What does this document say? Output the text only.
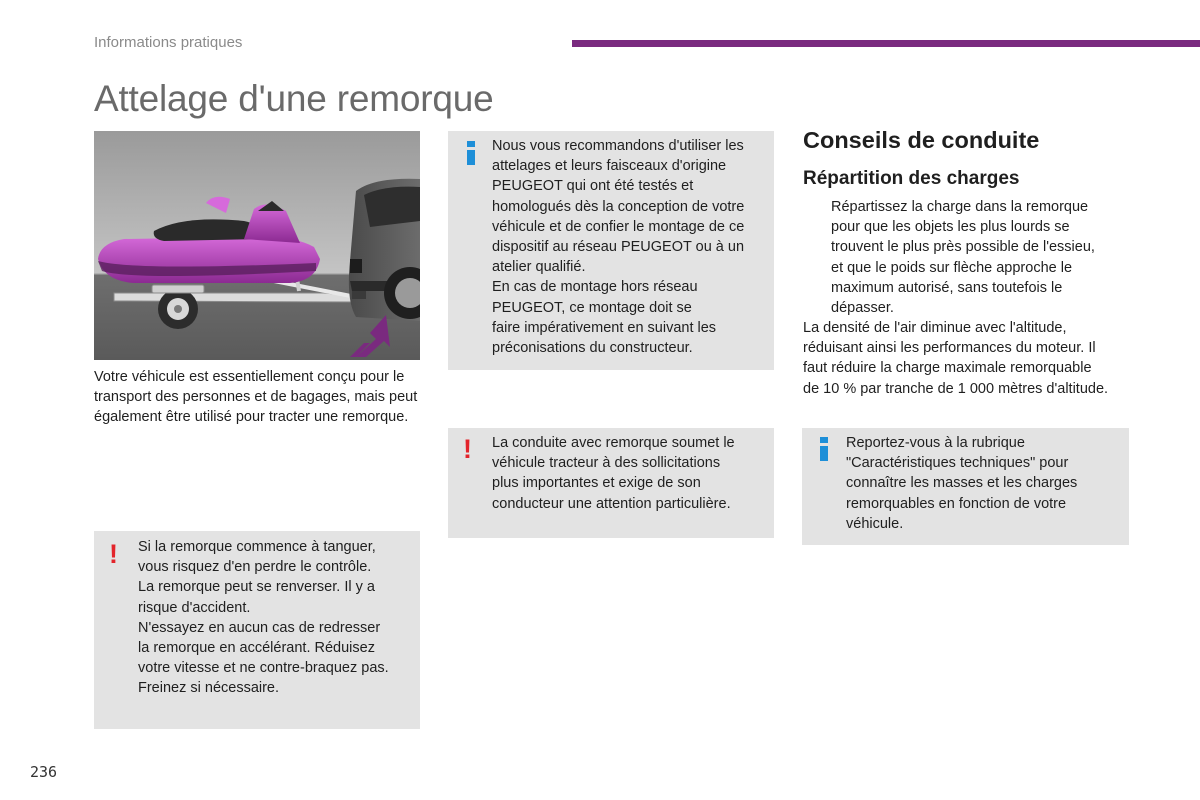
Informations pratiques
Attelage d'une remorque

Votre véhicule est essentiellement conçu pour le transport des personnes et de bagages, mais peut également être utilisé pour tracter une remorque.

! Si la remorque commence à tanguer,
vous risquez d'en perdre le contrôle.
La remorque peut se renverser. Il y a
risque d'accident.
N'essayez en aucun cas de redresser
la remorque en accélérant. Réduisez
votre vitesse et ne contre-braquez pas.
Freinez si nécessaire.
Nous vous recommandons d'utiliser les
attelages et leurs faisceaux d'origine
PEUGEOT qui ont été testés et
homologués dès la conception de votre
véhicule et de confier le montage de ce
dispositif au réseau PEUGEOT ou à un
atelier qualifié.
En cas de montage hors réseau
PEUGEOT, ce montage doit se
faire impérativement en suivant les
préconisations du constructeur.
! La conduite avec remorque soumet le
véhicule tracteur à des sollicitations
plus importantes et exige de son
conducteur une attention particulière.
Conseils de conduite
Répartition des charges
Répartissez la charge dans la remorque
pour que les objets les plus lourds se
trouvent le plus près possible de l'essieu,
et que le poids sur flèche approche le
maximum autorisé, sans toutefois le
dépasser.

La densité de l'air diminue avec l'altitude,
réduisant ainsi les performances du moteur. Il
faut réduire la charge maximale remorquable
de 10 % par tranche de 1 000 mètres d'altitude.

Reportez-vous à la rubrique
"Caractéristiques techniques" pour
connaître les masses et les charges
remorquables en fonction de votre
véhicule.
236
